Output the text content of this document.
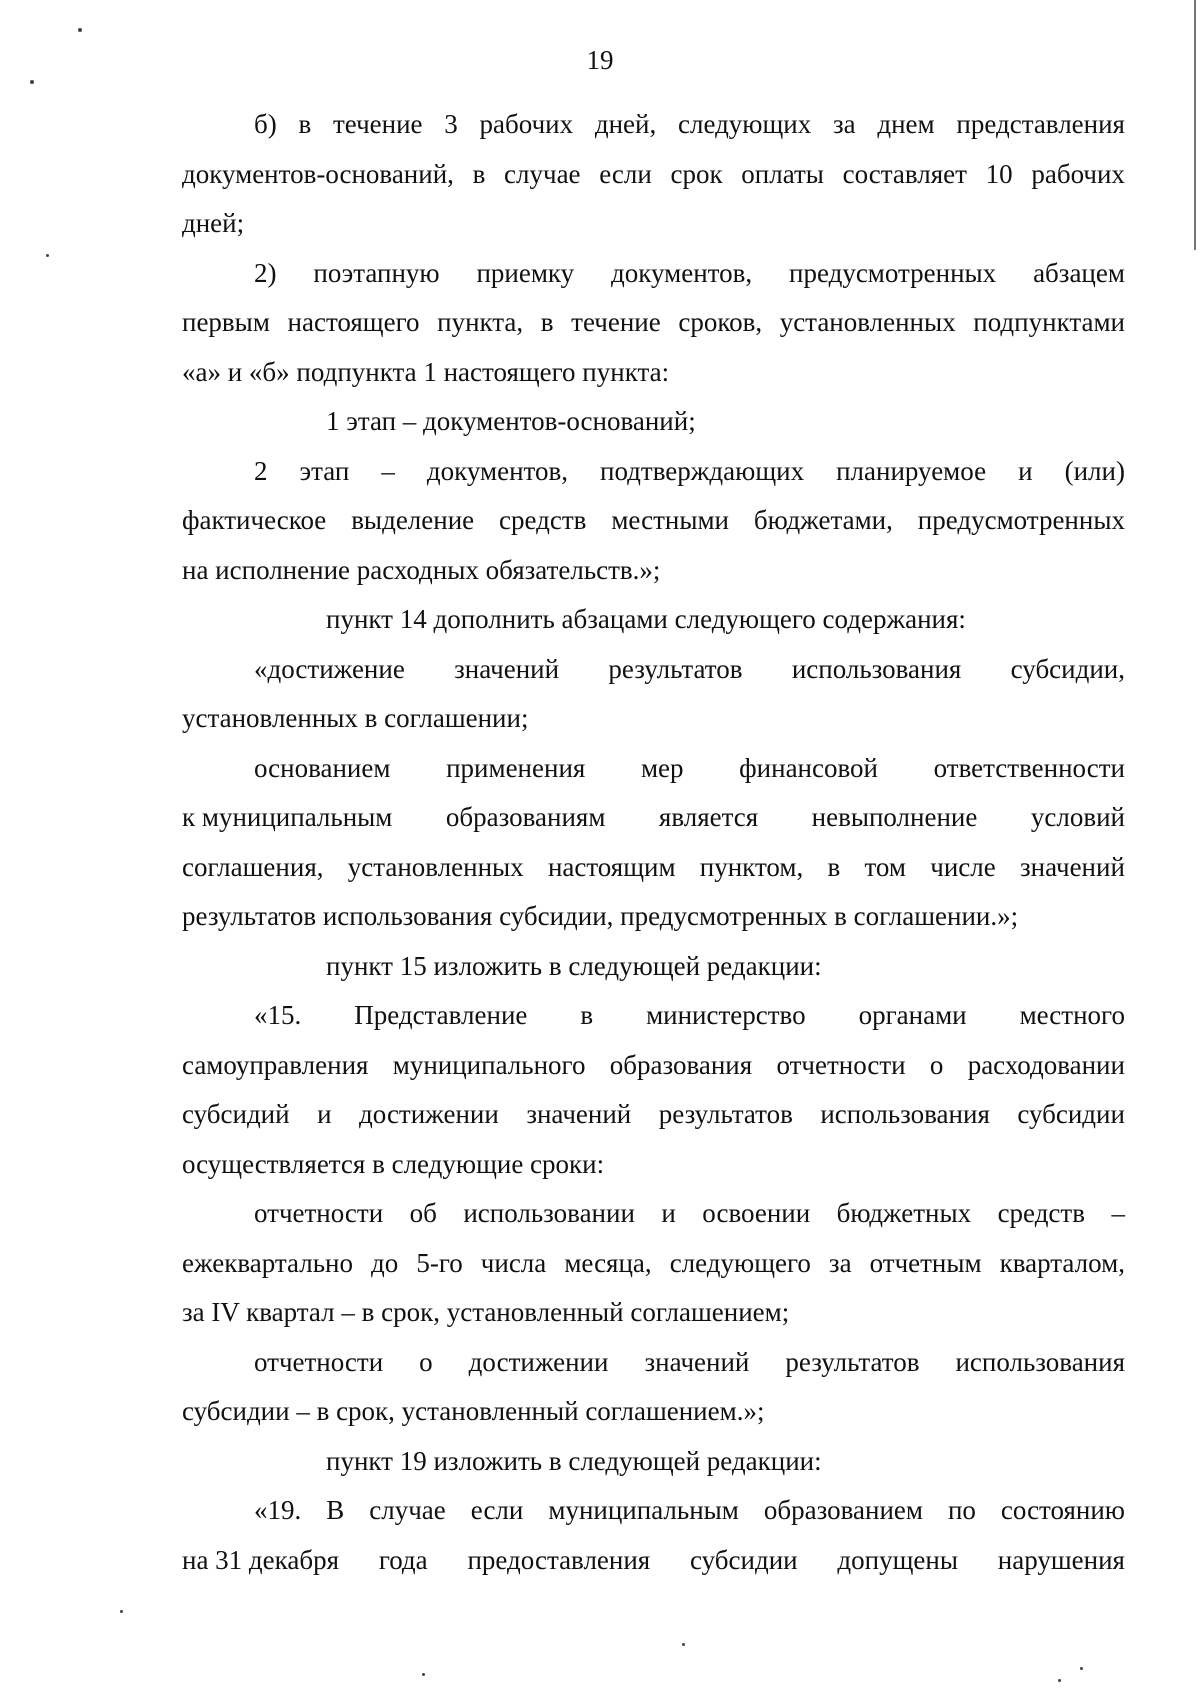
19
б) в течение 3 рабочих дней, следующих за днем представления
документов-оснований, в случае если срок оплаты составляет 10 рабочих
дней;
2) поэтапную приемку документов, предусмотренных абзацем
первым настоящего пункта, в течение сроков, установленных подпунктами
«а» и «б» подпункта 1 настоящего пункта:
1 этап – документов-оснований;
2 этап – документов, подтверждающих планируемое и (или)
фактическое выделение средств местными бюджетами, предусмотренных
на исполнение расходных обязательств.»;
пункт 14 дополнить абзацами следующего содержания:
«достижение значений результатов использования субсидии,
установленных в соглашении;
основанием применения мер финансовой ответственности
к муниципальным образованиям является невыполнение условий
соглашения, установленных настоящим пунктом, в том числе значений
результатов использования субсидии, предусмотренных в соглашении.»;
пункт 15 изложить в следующей редакции:
«15. Представление в министерство органами местного
самоуправления муниципального образования отчетности о расходовании
субсидий и достижении значений результатов использования субсидии
осуществляется в следующие сроки:
отчетности об использовании и освоении бюджетных средств –
ежеквартально до 5-го числа месяца, следующего за отчетным кварталом,
за IV квартал – в срок, установленный соглашением;
отчетности о достижении значений результатов использования
субсидии – в срок, установленный соглашением.»;
пункт 19 изложить в следующей редакции:
«19. В случае если муниципальным образованием по состоянию
на 31 декабря года предоставления субсидии допущены нарушения
